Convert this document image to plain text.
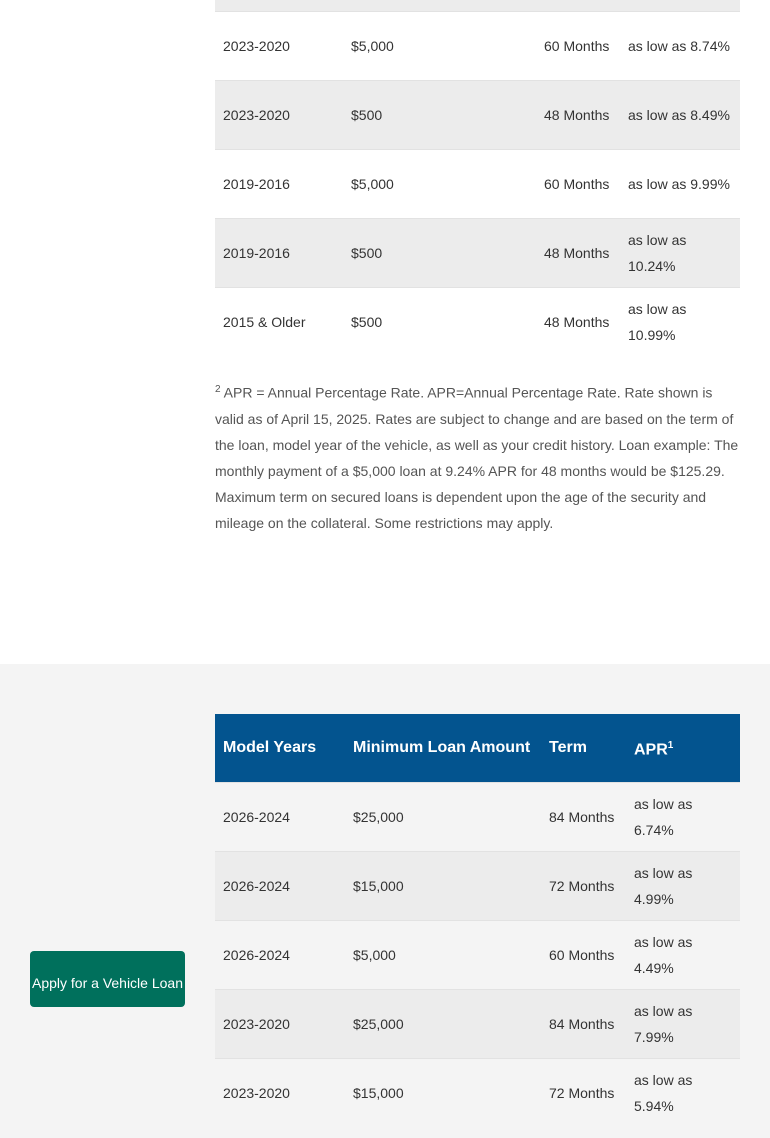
2023-2020	$5,000	60 Months	as low as 8.74%
2023-2020	$500	48 Months	as low as 8.49%
2019-2016	$5,000	60 Months	as low as 9.99%
2019-2016	$500	48 Months	as low as 10.24%
2015 & Older	$500	48 Months	as low as 10.99%

$^2$ APR = Annual Percentage Rate. APR=Annual Percentage Rate. Rate shown is valid as of April 15, 2025. Rates are subject to change and are based on the term of the loan, model year of the vehicle, as well as your credit history. Loan example: The monthly payment of a $5,000 loan at 9.24% APR for 48 months would be $125.29. Maximum term on secured loans is dependent upon the age of the security and mileage on the collateral. Some restrictions may apply.

Apply for a Vehicle Loan
Model Years	Minimum Loan Amount	Term	APR$^1$
2026-2024	$25,000	84 Months	as low as 6.74%
2026-2024	$15,000	72 Months	as low as 4.99%
2026-2024	$5,000	60 Months	as low as 4.49%
2023-2020	$25,000	84 Months	as low as 7.99%
2023-2020	$15,000	72 Months	as low as 5.94%
